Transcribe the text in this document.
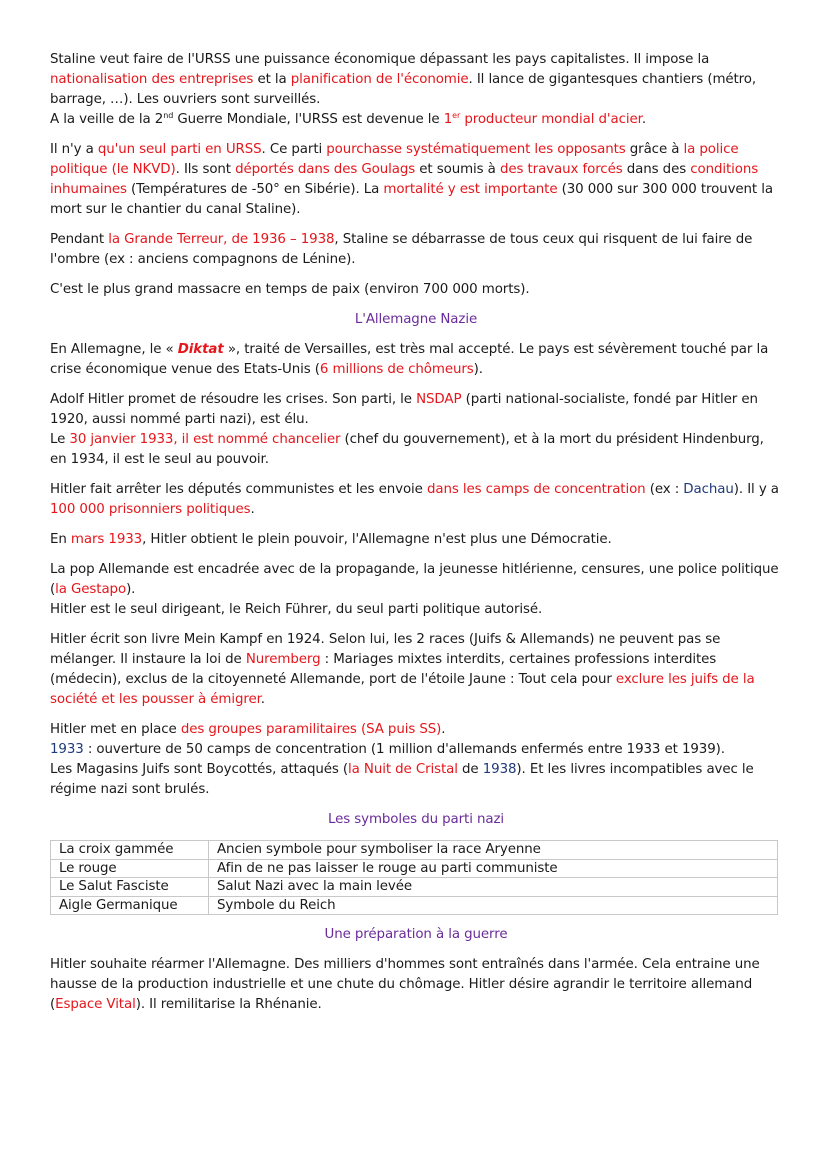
Staline veut faire de l'URSS une puissance économique dépassant les pays capitalistes. Il impose la nationalisation des entreprises et la planification de l'économie. Il lance de gigantesques chantiers (métro, barrage, …). Les ouvriers sont surveillés.

A la veille de la 2nd Guerre Mondiale, l'URSS est devenue le 1er producteur mondial d'acier.

Il n'y a qu'un seul parti en URSS. Ce parti pourchasse systématiquement les opposants grâce à la police politique (le NKVD). Ils sont déportés dans des Goulags et soumis à des travaux forcés dans des conditions inhumaines (Températures de -50° en Sibérie). La mortalité y est importante (30 000 sur 300 000 trouvent la mort sur le chantier du canal Staline).

Pendant la Grande Terreur, de 1936 – 1938, Staline se débarrasse de tous ceux qui risquent de lui faire de l'ombre (ex : anciens compagnons de Lénine).

C'est le plus grand massacre en temps de paix (environ 700 000 morts).

L'Allemagne Nazie

En Allemagne, le « Diktat », traité de Versailles, est très mal accepté. Le pays est sévèrement touché par la crise économique venue des Etats-Unis (6 millions de chômeurs).

Adolf Hitler promet de résoudre les crises. Son parti, le NSDAP (parti national-socialiste, fondé par Hitler en 1920, aussi nommé parti nazi), est élu.

Le 30 janvier 1933, il est nommé chancelier (chef du gouvernement), et à la mort du président Hindenburg, en 1934, il est le seul au pouvoir.

Hitler fait arrêter les députés communistes et les envoie dans les camps de concentration (ex : Dachau). Il y a 100 000 prisonniers politiques.

En mars 1933, Hitler obtient le plein pouvoir, l'Allemagne n'est plus une Démocratie.

La pop Allemande est encadrée avec de la propagande, la jeunesse hitlérienne, censures, une police politique (la Gestapo).

Hitler est le seul dirigeant, le Reich Führer, du seul parti politique autorisé.

Hitler écrit son livre Mein Kampf en 1924. Selon lui, les 2 races (Juifs & Allemands) ne peuvent pas se mélanger. Il instaure la loi de Nuremberg : Mariages mixtes interdits, certaines professions interdites (médecin), exclus de la citoyenneté Allemande, port de l'étoile Jaune : Tout cela pour exclure les juifs de la société et les pousser à émigrer.

Hitler met en place des groupes paramilitaires (SA puis SS).

1933 : ouverture de 50 camps de concentration (1 million d'allemands enfermés entre 1933 et 1939).

Les Magasins Juifs sont Boycottés, attaqués (la Nuit de Cristal de 1938). Et les livres incompatibles avec le régime nazi sont brulés.

Les symboles du parti nazi
La croix gammée	Ancien symbole pour symboliser la race Aryenne
Le rouge	Afin de ne pas laisser le rouge au parti communiste
Le Salut Fasciste	Salut Nazi avec la main levée
Aigle Germanique	Symbole du Reich
Une préparation à la guerre

Hitler souhaite réarmer l'Allemagne. Des milliers d'hommes sont entraînés dans l'armée. Cela entraine une hausse de la production industrielle et une chute du chômage. Hitler désire agrandir le territoire allemand (Espace Vital). Il remilitarise la Rhénanie.
